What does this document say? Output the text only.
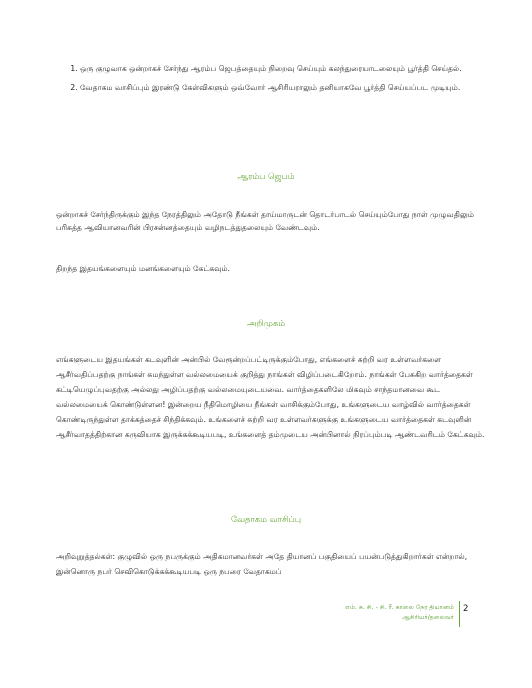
1. ஒரு குழுவாக ஒன்றாகச் சேர்ந்து ஆரம்ப ஜெபத்தையும் நிறைவு செய்யும் கலந்துரையாடலையும் பூர்த்தி செய்தல்.
2. வேதாகம வாசிப்பும் இரண்டு கேள்விகளும் ஒவ்வோர் ஆசிரியராலும் தனியாகவே பூர்த்தி செய்யப்பட முடியும்.
ஆரம்ப ஜெபம்

ஒன்றாகச் சேர்ந்திருக்கும் இந்த நேரத்திலும் அதோடு நீங்கள் தாய்மாருடன் தொடர்பாடல் செய்யும்போது நாள் முழுவதிலும் பரிசுத்த ஆவியானவரின் பிரசன்னத்தையும் வழிநடத்துதலையும் வேண்டவும்.

திறந்த இதயங்களையும் மனங்களையும் கேட்கவும்.

அறிமுகம்

எங்களுடைய இதயங்கள் கடவுளின் அன்பில் வேரூன்றப்பட்டிருக்கும்போது, எங்களைச் சுற்றி வர உள்ளவர்களை ஆசீர்வதிப்பதற்கு நாங்கள் சுமந்துள்ள வல்லமையைக் குறித்து நாங்கள் விழிப்படைகிறோம். நாங்கள் பேசுகிற வார்த்தைகள் கட்டியெழுப்புவதற்கு அல்லது அழிப்பதற்கு வல்லமையுடையவை. வார்த்தைகளிலே மிகவும் சாந்தமானவை கூட வல்லமையைக் கொண்டுள்ளன! இன்றைய நீதிமொழியை நீங்கள் வாசிக்கும்போது, உங்களுடைய வாழ்வில் வார்த்தைகள் கொண்டிருந்துள்ள தாக்கத்தைச் சிந்திக்கவும். உங்களைச் சுற்றி வர உள்ளவர்களுக்கு உங்களுடைய வார்த்தைகள் கடவுளின் ஆசீர்வாதத்திற்கான கருவியாக இருக்கக்கூடியபடி, உங்களைத் தம்முடைய அன்பினால் நிரப்பும்படி ஆண்டவரிடம் கேட்கவும்.

வேதாகம வாசிப்பு

அறிவுறுத்தல்கள்: குழுவில் ஒரு நபருக்கும் அதிகமானவர்கள் அதே தியானப் பகுதியைப் பயன்படுத்துகிறார்கள் என்றால், இன்னொரு நபர் செவிகொடுக்கக்கூடியபடி ஒரு நபரை வேதாகமப்

எம். சு. சி. - சி. ரீ. காலை நேர தியானம்
ஆசிரியர்/தலைவர்
2
